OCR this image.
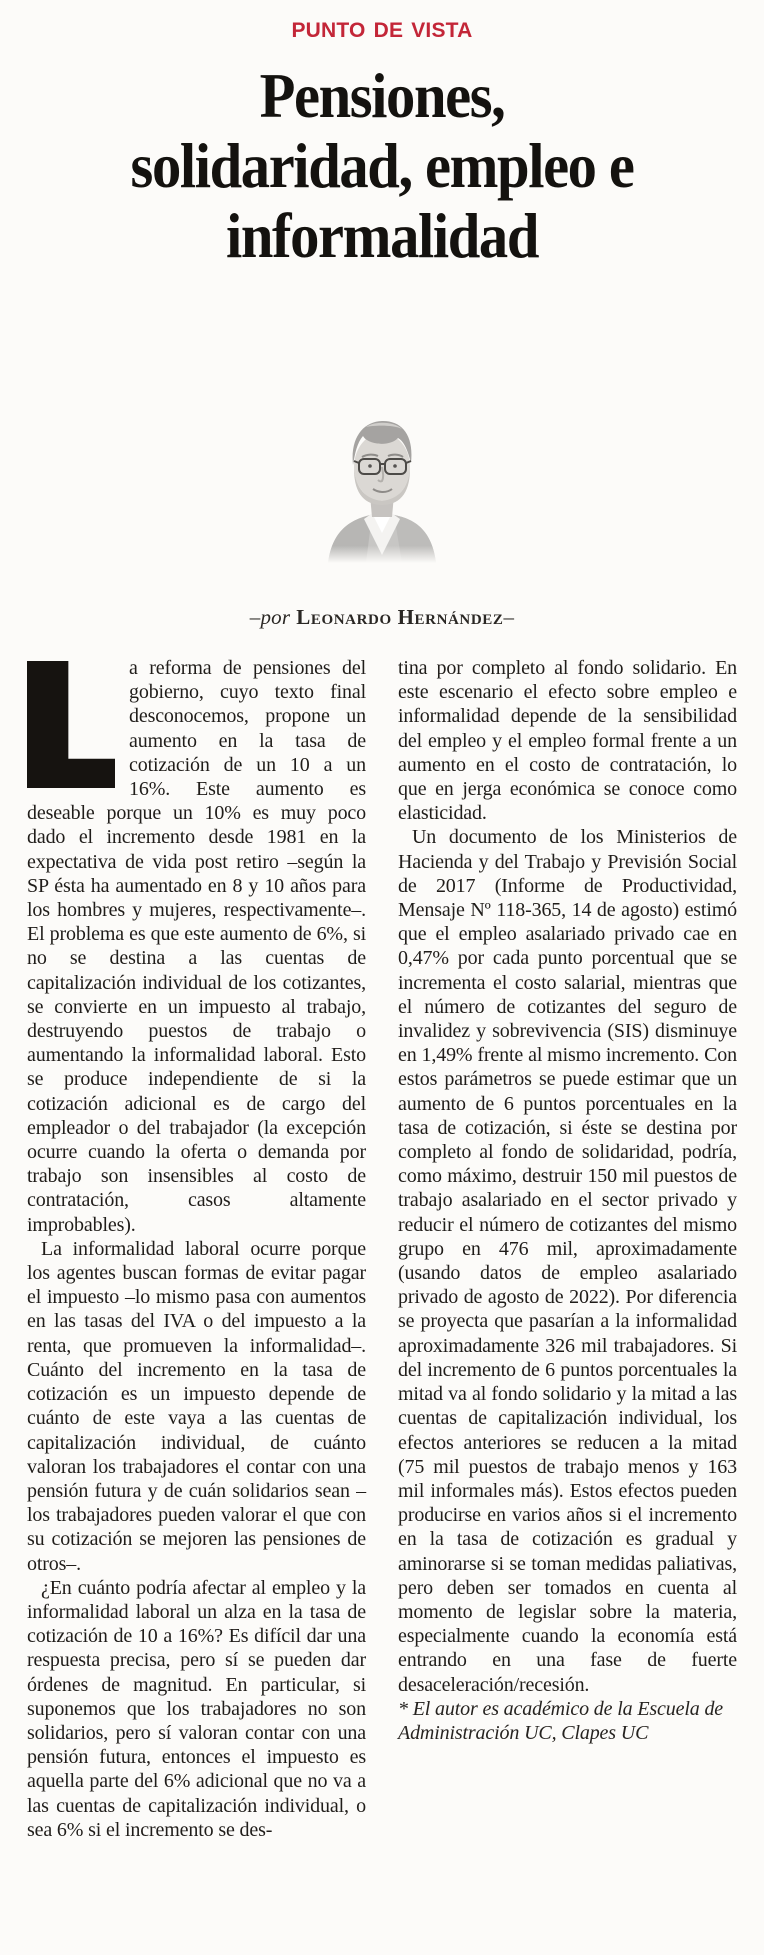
PUNTO DE VISTA
Pensiones,
solidaridad, empleo e
informalidad
–por Leonardo Hernández–

a reforma de pensiones del gobierno, cuyo texto final desconocemos, propone un aumento en la tasa de cotización de un 10 a un 16%. Este aumento es deseable porque un 10% es muy poco dado el incremento desde 1981 en la expectativa de vida post retiro –según la SP ésta ha aumentado en 8 y 10 años para los hombres y mujeres, respectivamente–. El problema es que este aumento de 6%, si no se destina a las cuentas de capitalización individual de los cotizantes, se convierte en un impuesto al trabajo, destruyendo puestos de trabajo o aumentando la informalidad laboral. Esto se produce independiente de si la cotización adicional es de cargo del empleador o del trabajador (la excepción ocurre cuando la oferta o demanda por trabajo son insensibles al costo de contratación, casos altamente improbables).

La informalidad laboral ocurre porque los agentes buscan formas de evitar pagar el impuesto –lo mismo pasa con aumentos en las tasas del IVA o del impuesto a la renta, que promueven la informalidad–. Cuánto del incremento en la tasa de cotización es un impuesto depende de cuánto de este vaya a las cuentas de capitalización individual, de cuánto valoran los trabajadores el contar con una pensión futura y de cuán solidarios sean –los trabajadores pueden valorar el que con su cotización se mejoren las pensiones de otros–.

¿En cuánto podría afectar al empleo y la informalidad laboral un alza en la tasa de cotización de 10 a 16%? Es difícil dar una respuesta precisa, pero sí se pueden dar órdenes de magnitud. En particular, si suponemos que los trabajadores no son solidarios, pero sí valoran contar con una pensión futura, entonces el impuesto es aquella parte del 6% adicional que no va a las cuentas de capitalización individual, o sea 6% si el incremento se des-

tina por completo al fondo solidario. En este escenario el efecto sobre empleo e informalidad depende de la sensibilidad del empleo y el empleo formal frente a un aumento en el costo de contratación, lo que en jerga económica se conoce como elasticidad.

Un documento de los Ministerios de Hacienda y del Trabajo y Previsión Social de 2017 (Informe de Productividad, Mensaje Nº 118-365, 14 de agosto) estimó que el empleo asalariado privado cae en 0,47% por cada punto porcentual que se incrementa el costo salarial, mientras que el número de cotizantes del seguro de invalidez y sobrevivencia (SIS) disminuye en 1,49% frente al mismo incremento. Con estos parámetros se puede estimar que un aumento de 6 puntos porcentuales en la tasa de cotización, si éste se destina por completo al fondo de solidaridad, podría, como máximo, destruir 150 mil puestos de trabajo asalariado en el sector privado y reducir el número de cotizantes del mismo grupo en 476 mil, aproximadamente (usando datos de empleo asalariado privado de agosto de 2022). Por diferencia se proyecta que pasarían a la informalidad aproximadamente 326 mil trabajadores. Si del incremento de 6 puntos porcentuales la mitad va al fondo solidario y la mitad a las cuentas de capitalización individual, los efectos anteriores se reducen a la mitad (75 mil puestos de trabajo menos y 163 mil informales más). Estos efectos pueden producirse en varios años si el incremento en la tasa de cotización es gradual y aminorarse si se toman medidas paliativas, pero deben ser tomados en cuenta al momento de legislar sobre la materia, especialmente cuando la economía está entrando en una fase de fuerte desaceleración/recesión.

* El autor es académico de la Escuela de Administración UC, Clapes UC
